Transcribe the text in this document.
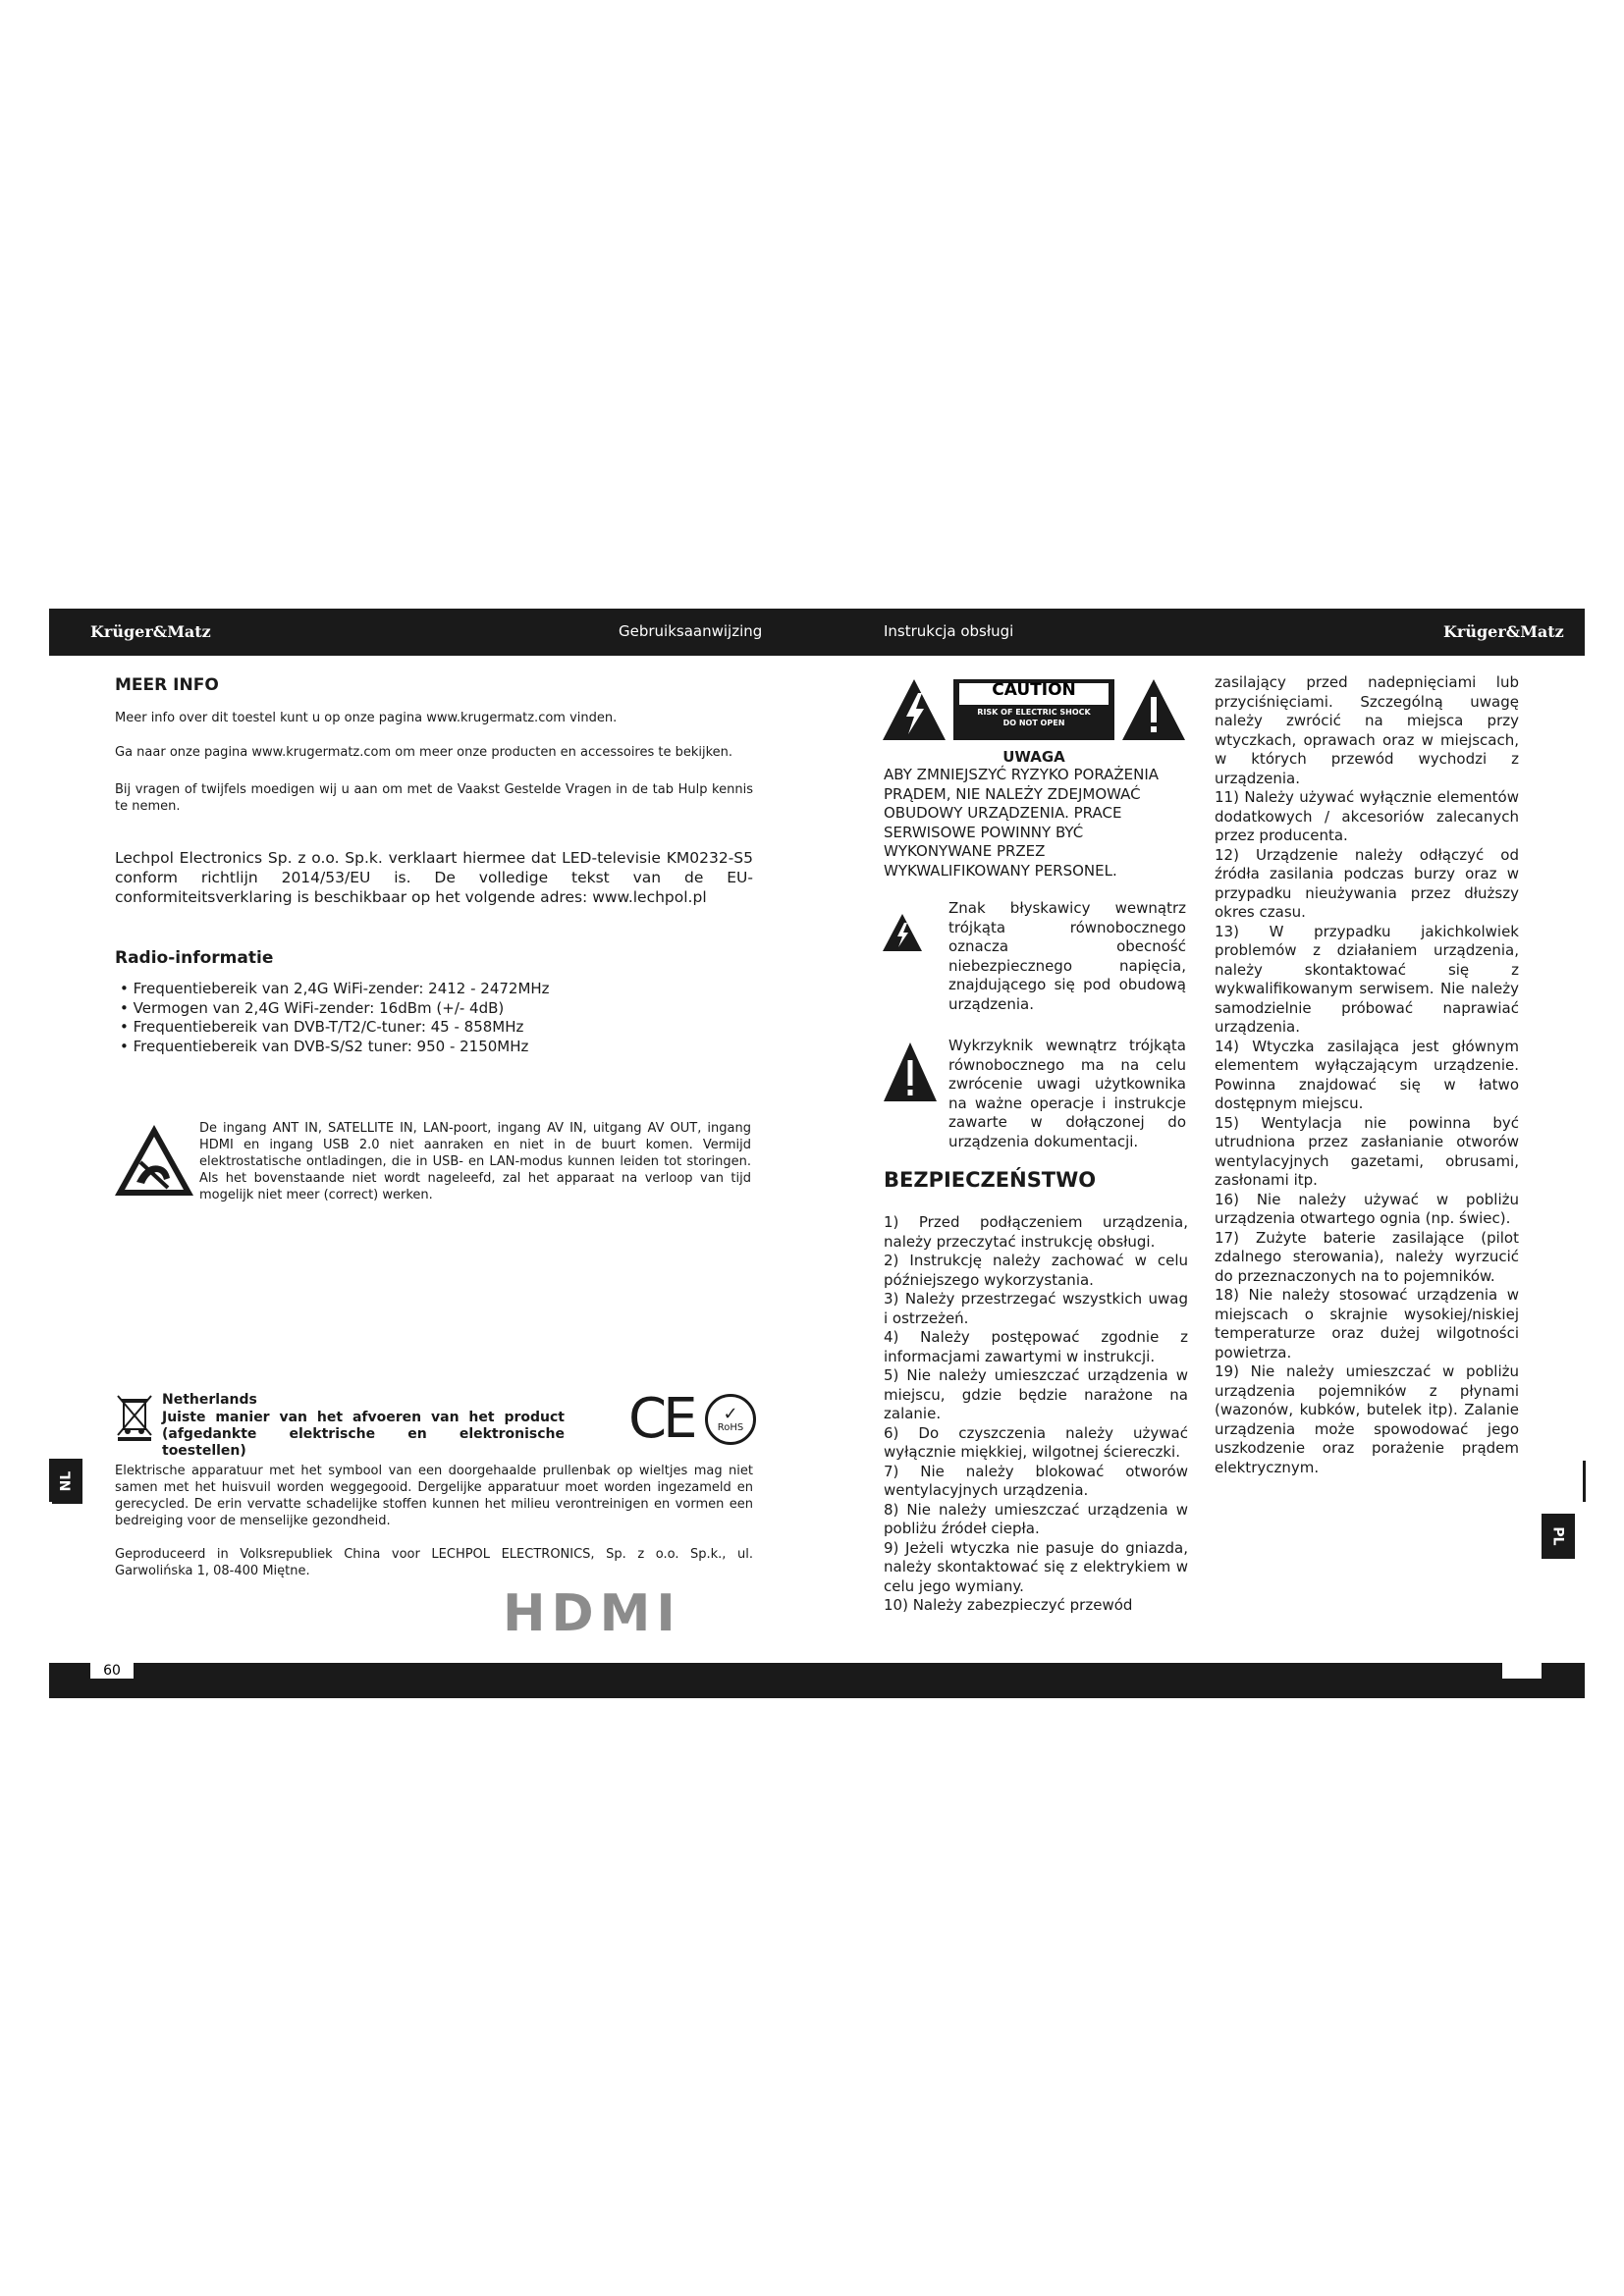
Krüger&Matz	Gebruiksaanwijzing	Instrukcja obsługi	Krüger&Matz
MEER INFO
Meer info over dit toestel kunt u op onze pagina www.krugermatz.com vinden.
Ga naar onze pagina www.krugermatz.com om meer onze producten en accessoires te bekijken.
Bij vragen of twijfels moedigen wij u aan om met de Vaakst Gestelde Vragen in de tab Hulp kennis te nemen.
Lechpol Electronics Sp. z o.o. Sp.k. verklaart hiermee dat LED-televisie KM0232-S5 conform richtlijn 2014/53/EU is. De volledige tekst van de EU-conformiteitsverklaring is beschikbaar op het volgende adres: www.lechpol.pl
Radio-informatie
• Frequentiebereik van 2,4G WiFi-zender: 2412 - 2472MHz
• Vermogen van 2,4G WiFi-zender: 16dBm (+/- 4dB)
• Frequentiebereik van DVB-T/T2/C-tuner: 45 - 858MHz
• Frequentiebereik van DVB-S/S2 tuner: 950 - 2150MHz
De ingang ANT IN, SATELLITE IN, LAN-poort, ingang AV IN, uitgang AV OUT, ingang HDMI en ingang USB 2.0 niet aanraken en niet in de buurt komen. Vermijd elektrostatische ontladingen, die in USB- en LAN-modus kunnen leiden tot storingen. Als het bovenstaande niet wordt nageleefd, zal het apparaat na verloop van tijd mogelijk niet meer (correct) werken.
Netherlands
Juiste manier van het afvoeren van het product (afgedankte elektrische en elektronische toestellen)	CE ✓
RoHS
NL
Elektrische apparatuur met het symbool van een doorgehaalde prullenbak op wieltjes mag niet samen met het huisvuil worden weggegooid. Dergelijke apparatuur moet worden ingezameld en gerecycled. De erin vervatte schadelijke stoffen kunnen het milieu verontreinigen en vormen een bedreiging voor de menselijke gezondheid.
Geproduceerd in Volksrepubliek China voor LECHPOL ELECTRONICS, Sp. z o.o. Sp.k., ul. Garwolińska 1, 08-400 Miętne.
HDMI
CAUTION
RISK OF ELECTRIC SHOCK
DO NOT OPEN
UWAGA
ABY ZMNIEJSZYĆ RYZYKO PORAŻENIA PRĄDEM, NIE NALEŻY ZDEJMOWAĆ OBUDOWY URZĄDZENIA. PRACE SERWISOWE POWINNY BYĆ WYKONYWANE PRZEZ WYKWALIFIKOWANY PERSONEL.
Znak błyskawicy wewnątrz trójkąta równobocznego oznacza obecność niebezpiecznego napięcia, znajdującego się pod obudową urządzenia.
Wykrzyknik wewnątrz trójkąta równobocznego ma na celu zwrócenie uwagi użytkownika na ważne operacje i instrukcje zawarte w dołączonej do urządzenia dokumentacji.
BEZPIECZEŃSTWO
1) Przed podłączeniem urządzenia, należy przeczytać instrukcję obsługi.
2) Instrukcję należy zachować w celu późniejszego wykorzystania.
3) Należy przestrzegać wszystkich uwag i ostrzeżeń.
4) Należy postępować zgodnie z informacjami zawartymi w instrukcji.
5) Nie należy umieszczać urządzenia w miejscu, gdzie będzie narażone na zalanie.
6) Do czyszczenia należy używać wyłącznie miękkiej, wilgotnej ściereczki.
7) Nie należy blokować otworów wentylacyjnych urządzenia.
8) Nie należy umieszczać urządzenia w pobliżu źródeł ciepła.
9) Jeżeli wtyczka nie pasuje do gniazda, należy skontaktować się z elektrykiem w celu jego wymiany.
10) Należy zabezpieczyć przewód
zasilający przed nadepnięciami lub przyciśnięciami. Szczególną uwagę należy zwrócić na miejsca przy wtyczkach, oprawach oraz w miejscach, w których przewód wychodzi z urządzenia.
11) Należy używać wyłącznie elementów dodatkowych / akcesoriów zalecanych przez producenta.
12) Urządzenie należy odłączyć od źródła zasilania podczas burzy oraz w przypadku nieużywania przez dłuższy okres czasu.
13) W przypadku jakichkolwiek problemów z działaniem urządzenia, należy skontaktować się z wykwalifikowanym serwisem. Nie należy samodzielnie próbować naprawiać urządzenia.
14) Wtyczka zasilająca jest głównym elementem wyłączającym urządzenie. Powinna znajdować się w łatwo dostępnym miejscu.
15) Wentylacja nie powinna być utrudniona przez zasłanianie otworów wentylacyjnych gazetami, obrusami, zasłonami itp.
16) Nie należy używać w pobliżu urządzenia otwartego ognia (np. świec).
17) Zużyte baterie zasilające (pilot zdalnego sterowania), należy wyrzucić do przeznaczonych na to pojemników.
18) Nie należy stosować urządzenia w miejscach o skrajnie wysokiej/niskiej temperaturze oraz dużej wilgotności powietrza.
19) Nie należy umieszczać w pobliżu urządzenia pojemników z płynami (wazonów, kubków, butelek itp). Zalanie urządzenia może spowodować jego uszkodzenie oraz porażenie prądem elektrycznym.
PL
60
